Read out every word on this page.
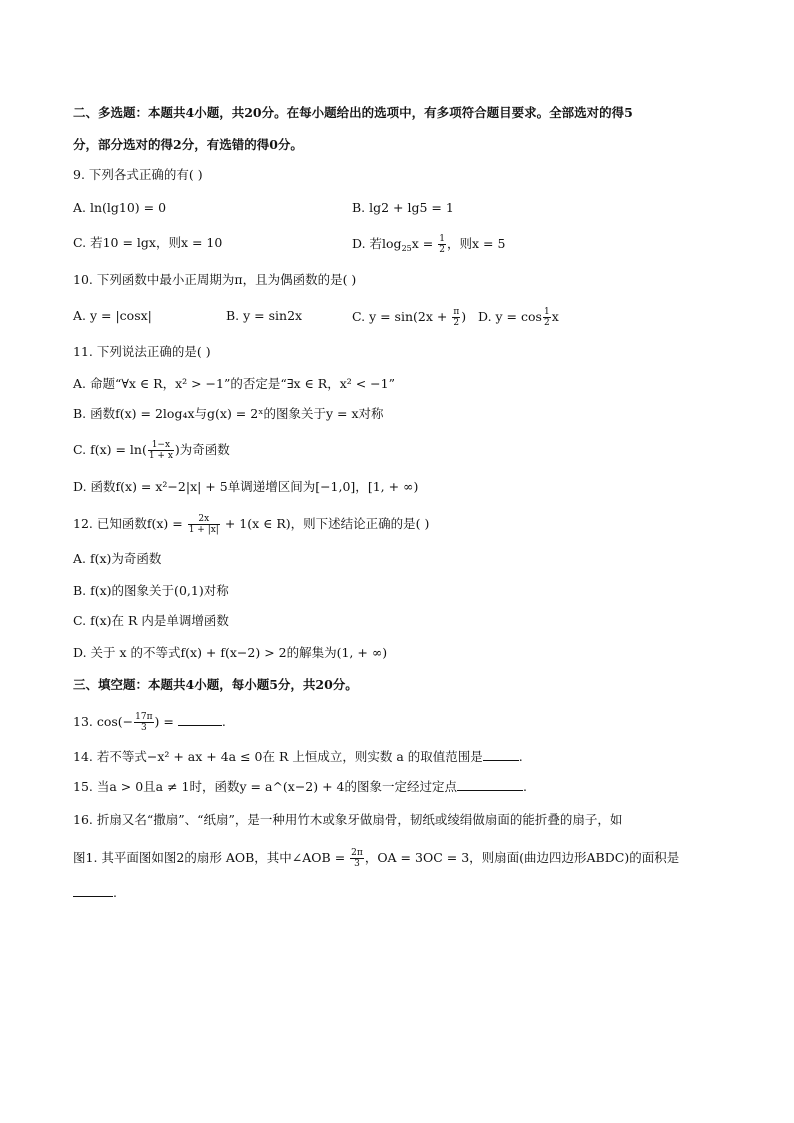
二、多选题：本题共4小题，共20分。在每小题给出的选项中，有多项符合题目要求。全部选对的得5
分，部分选对的得2分，有选错的得0分。
9. 下列各式正确的有( )
A. ln(lg10) = 0	B. lg2 + lg5 = 1
C. 若10 = lgx，则x = 10	D. 若$\log_{25}x = \frac{1}{2}$ ，则x = 5
10. 下列函数中最小正周期为π，且为偶函数的是( )
A. y = |cosx|	B. y = sin2x	C. $y = \sin(2x + \frac{\pi}{2}$ ) D. $y = \cos \frac{1}{2}$ x
11. 下列说法正确的是( )
A. 命题“∀x ∈ R，x² > −1”的否定是“∃x ∈ R，x² < −1”
B. 函数f(x) = 2log₄x与g(x) = 2ˣ的图象关于y = x对称
C. $f(x) = \ln( \frac{1-x}{1 + x}$ )为奇函数
D. 函数f(x) = x²−2|x| + 5单调递增区间为[−1,0]，[1, + ∞)
12. 已知函数$f(x) = \frac{2x}{1 + |x|} + 1(x$ ∈ R)，则下述结论正确的是( )
A. f(x)为奇函数
B. f(x)的图象关于(0,1)对称
C. f(x)在 R 内是单调增函数
D. 关于 x 的不等式f(x) + f(x−2) > 2的解集为(1, + ∞)
三、填空题：本题共4小题，每小题5分，共20分。
13. $\cos(- \frac{17\pi}{3}$ ) =	.
14. 若不等式−x² + ax + 4a ≤ 0在 R 上恒成立，则实数 a 的取值范围是	.
15. 当a > 0且a ≠ 1时，函数y = a^(x−2) + 4的图象一定经过定点	.
16. 折扇又名“撒扇”、“纸扇”，是一种用竹木或象牙做扇骨，韧纸或绫绢做扇面的能折叠的扇子，如
图1. 其平面图如图2的扇形 AOB，其中∠AOB = $\frac{2\pi}{3}$ ，OA = 3OC = 3，则扇面(曲边四边形ABDC)的面积是
.
